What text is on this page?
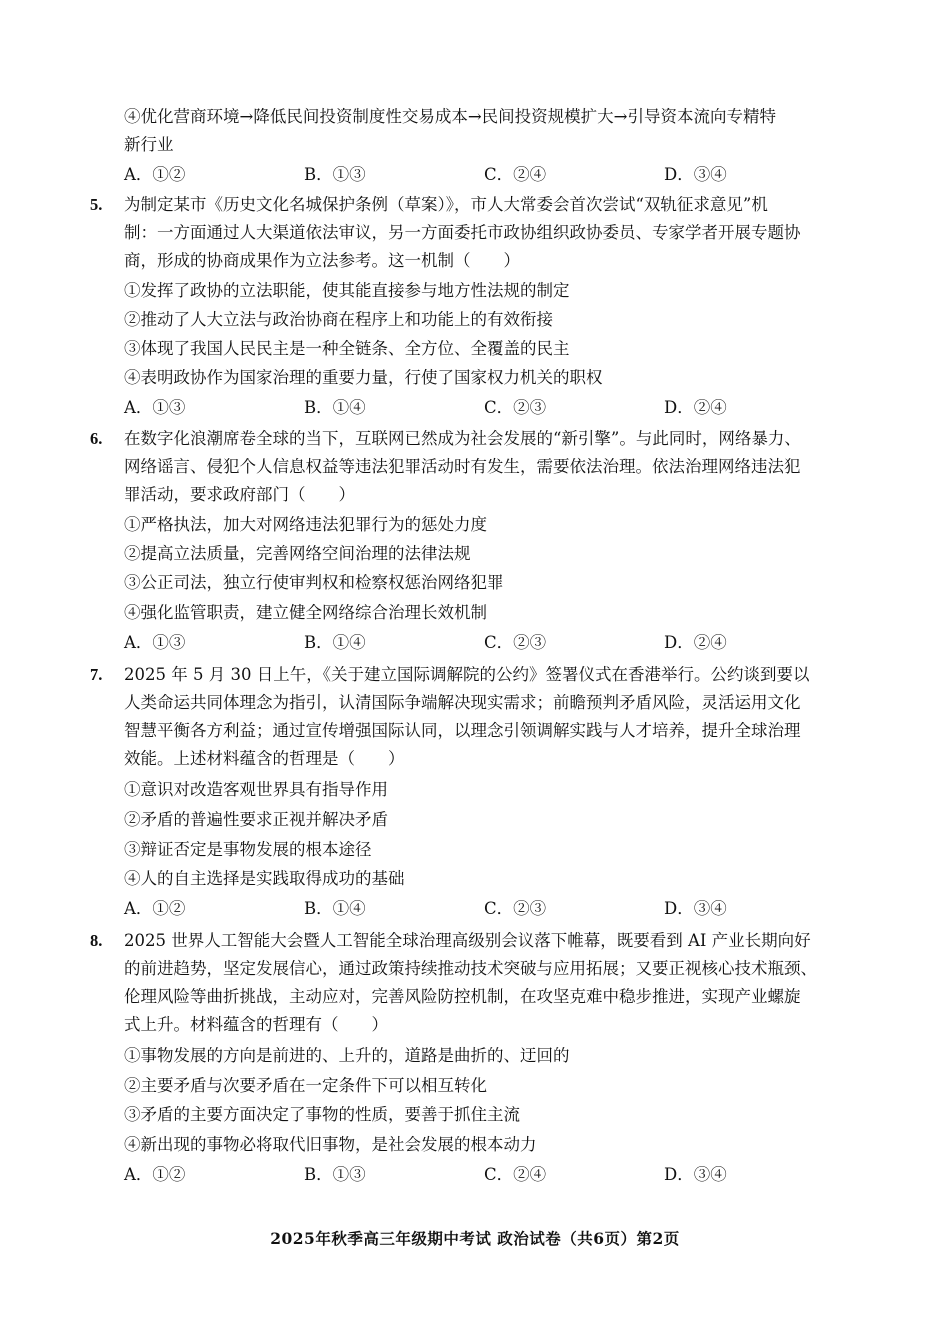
④优化营商环境→降低民间投资制度性交易成本→民间投资规模扩大→引导资本流向专精特
新行业
A．①②	B．①③	C．②④	D．③④
5. 为制定某市《历史文化名城保护条例（草案）》，市人大常委会首次尝试“双轨征求意见”机
制：一方面通过人大渠道依法审议，另一方面委托市政协组织政协委员、专家学者开展专题协
商，形成的协商成果作为立法参考。这一机制（　　）
①发挥了政协的立法职能，使其能直接参与地方性法规的制定
②推动了人大立法与政治协商在程序上和功能上的有效衔接
③体现了我国人民民主是一种全链条、全方位、全覆盖的民主
④表明政协作为国家治理的重要力量，行使了国家权力机关的职权
A．①③	B．①④	C．②③	D．②④
6. 在数字化浪潮席卷全球的当下，互联网已然成为社会发展的“新引擎”。与此同时，网络暴力、
网络谣言、侵犯个人信息权益等违法犯罪活动时有发生，需要依法治理。依法治理网络违法犯
罪活动，要求政府部门（　　）
①严格执法，加大对网络违法犯罪行为的惩处力度
②提高立法质量，完善网络空间治理的法律法规
③公正司法，独立行使审判权和检察权惩治网络犯罪
④强化监管职责，建立健全网络综合治理长效机制
A．①③	B．①④	C．②③	D．②④
7. 2025 年 5 月 30 日上午，《关于建立国际调解院的公约》签署仪式在香港举行。公约谈到要以
人类命运共同体理念为指引，认清国际争端解决现实需求；前瞻预判矛盾风险，灵活运用文化
智慧平衡各方利益；通过宣传增强国际认同，以理念引领调解实践与人才培养，提升全球治理
效能。上述材料蕴含的哲理是（　　）
①意识对改造客观世界具有指导作用
②矛盾的普遍性要求正视并解决矛盾
③辩证否定是事物发展的根本途径
④人的自主选择是实践取得成功的基础
A．①②	B．①④	C．②③	D．③④
8. 2025 世界人工智能大会暨人工智能全球治理高级别会议落下帷幕，既要看到 AI 产业长期向好
的前进趋势，坚定发展信心，通过政策持续推动技术突破与应用拓展；又要正视核心技术瓶颈、
伦理风险等曲折挑战，主动应对，完善风险防控机制，在攻坚克难中稳步推进，实现产业螺旋
式上升。材料蕴含的哲理有（　　）
①事物发展的方向是前进的、上升的，道路是曲折的、迂回的
②主要矛盾与次要矛盾在一定条件下可以相互转化
③矛盾的主要方面决定了事物的性质，要善于抓住主流
④新出现的事物必将取代旧事物，是社会发展的根本动力
A．①②	B．①③	C．②④	D．③④
2025年秋季高三年级期中考试 政治试卷（共6页）第2页
